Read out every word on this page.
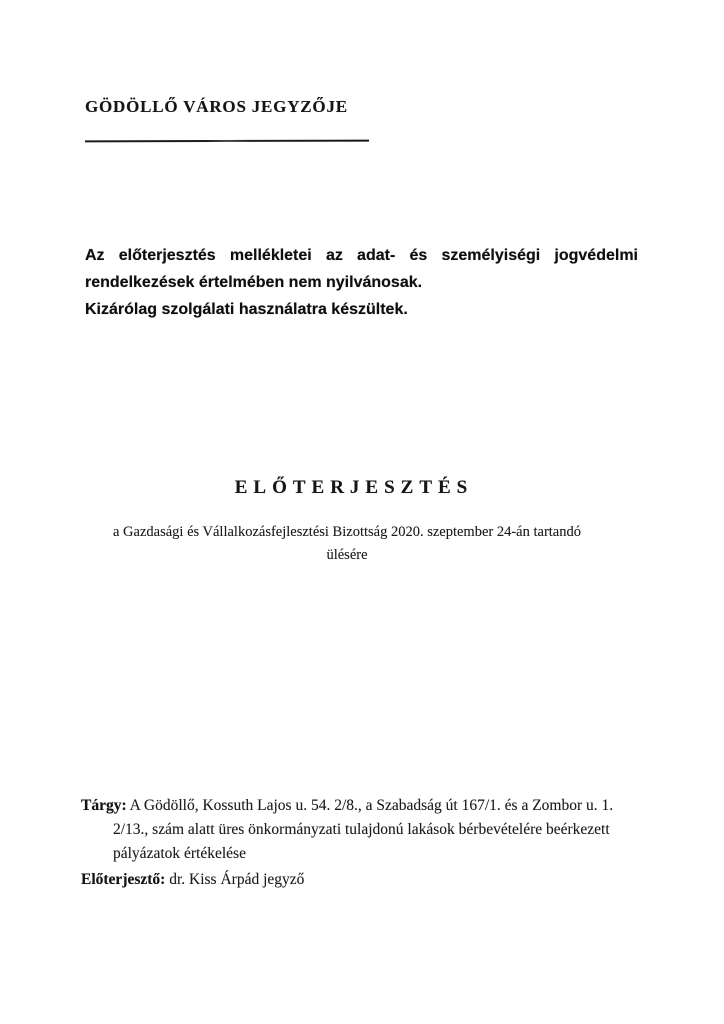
GÖDÖLLŐ VÁROS JEGYZŐJE
Az előterjesztés mellékletei az adat- és személyiségi jogvédelmi
rendelkezések értelmében nem nyilvánosak.
Kizárólag szolgálati használatra készültek.
ELŐTERJESZTÉS
a Gazdasági és Vállalkozásfejlesztési Bizottság 2020. szeptember 24-án tartandó
ülésére
Tárgy: A Gödöllő, Kossuth Lajos u. 54. 2/8., a Szabadság út 167/1. és a Zombor u. 1.
2/13., szám alatt üres önkormányzati tulajdonú lakások bérbevételére beérkezett
pályázatok értékelése
Előterjesztő: dr. Kiss Árpád jegyző
